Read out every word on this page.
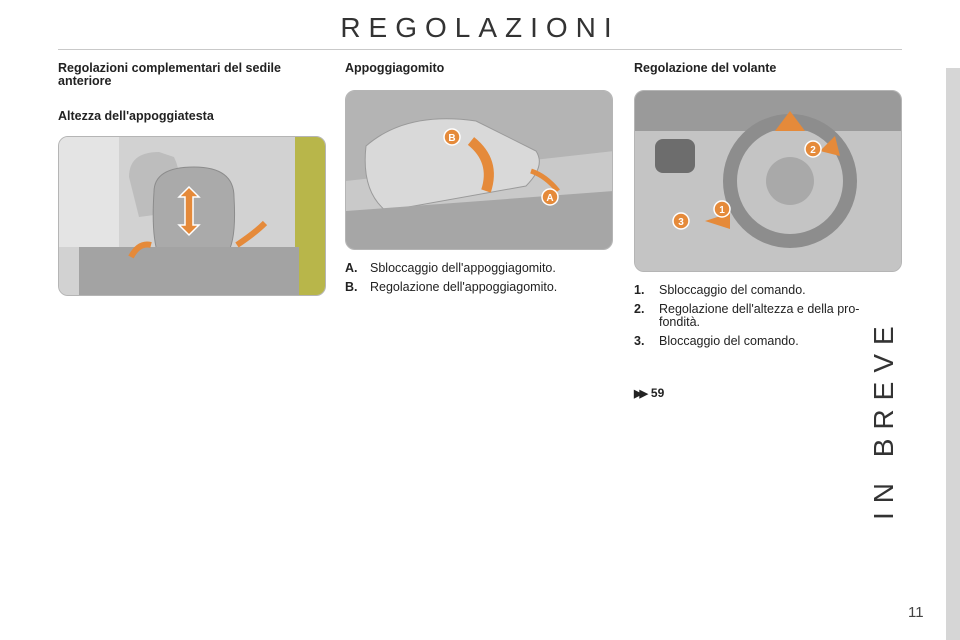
REGOLAZIONI
Regolazioni complementari del sedile anteriore
Altezza dell'appoggiatesta
Appoggiagomito
B
A
A.	Sbloccaggio dell'appoggiagomito.
B.	Regolazione dell'appoggiagomito.
Regolazione del volante
1
2
3
1.	Sbloccaggio del comando.
2.	Regolazione dell'altezza e della pro-fondità.
3.	Bloccaggio del comando.
▶▶ 59	IN BREVE
11
